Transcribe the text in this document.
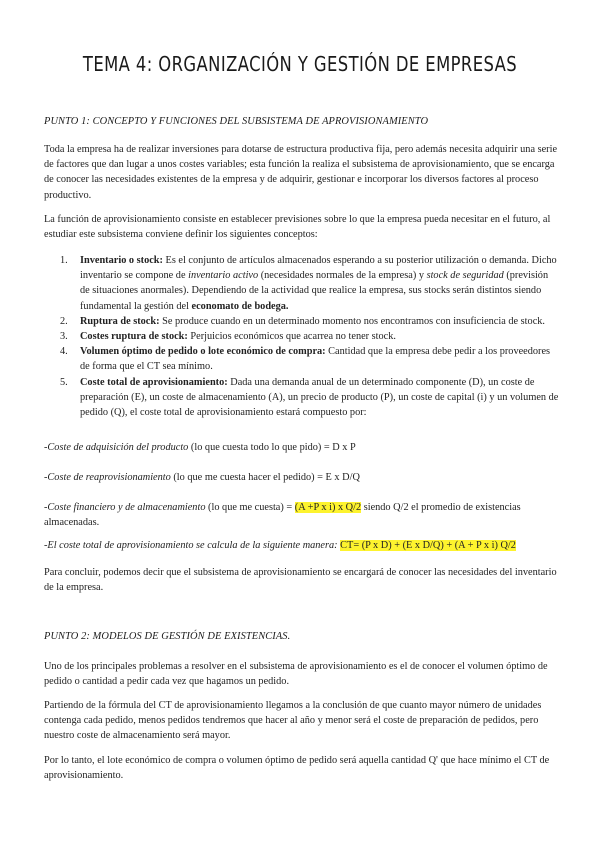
TEMA 4: ORGANIZACIÓN Y GESTIÓN DE EMPRESAS
PUNTO 1: CONCEPTO Y FUNCIONES DEL SUBSISTEMA DE APROVISIONAMIENTO

Toda la empresa ha de realizar inversiones para dotarse de estructura productiva fija, pero además necesita adquirir una serie de factores que dan lugar a unos costes variables; esta función la realiza el subsistema de aprovisionamiento, que se encarga de conocer las necesidades existentes de la empresa y de adquirir, gestionar e incorporar los diversos factores al proceso productivo.

La función de aprovisionamiento consiste en establecer previsiones sobre lo que la empresa pueda necesitar en el futuro, al estudiar este subsistema conviene definir los siguientes conceptos:

1. Inventario o stock: Es el conjunto de artículos almacenados esperando a su posterior utilización o demanda. Dicho inventario se compone de inventario activo (necesidades normales de la empresa) y stock de seguridad (previsión de situaciones anormales). Dependiendo de la actividad que realice la empresa, sus stocks serán distintos siendo fundamental la gestión del economato de bodega.
2. Ruptura de stock: Se produce cuando en un determinado momento nos encontramos con insuficiencia de stock.
3. Costes ruptura de stock: Perjuicios económicos que acarrea no tener stock.
4. Volumen óptimo de pedido o lote económico de compra: Cantidad que la empresa debe pedir a los proveedores de forma que el CT sea mínimo.
5. Coste total de aprovisionamiento: Dada una demanda anual de un determinado componente (D), un coste de preparación (E), un coste de almacenamiento (A), un precio de producto (P), un coste de capital (i) y un volumen de pedido (Q), el coste total de aprovisionamiento estará compuesto por:

-Coste de adquisición del producto (lo que cuesta todo lo que pido) = D x P

-Coste de reaprovisionamiento (lo que me cuesta hacer el pedido) = E x D/Q

-Coste financiero y de almacenamiento (lo que me cuesta) = (A +P x i) x Q/2 siendo Q/2 el promedio de existencias almacenadas.

-El coste total de aprovisionamiento se calcula de la siguiente manera: CT= (P x D) + (E x D/Q) + (A + P x i) Q/2

Para concluir, podemos decir que el subsistema de aprovisionamiento se encargará de conocer las necesidades del inventario de la empresa.

PUNTO 2: MODELOS DE GESTIÓN DE EXISTENCIAS.

Uno de los principales problemas a resolver en el subsistema de aprovisionamiento es el de conocer el volumen óptimo de pedido o cantidad a pedir cada vez que hagamos un pedido.

Partiendo de la fórmula del CT de aprovisionamiento llegamos a la conclusión de que cuanto mayor número de unidades contenga cada pedido, menos pedidos tendremos que hacer al año y menor será el coste de preparación de pedidos, pero nuestro coste de almacenamiento será mayor.

Por lo tanto, el lote económico de compra o volumen óptimo de pedido será aquella cantidad Q' que hace mínimo el CT de aprovisionamiento.
